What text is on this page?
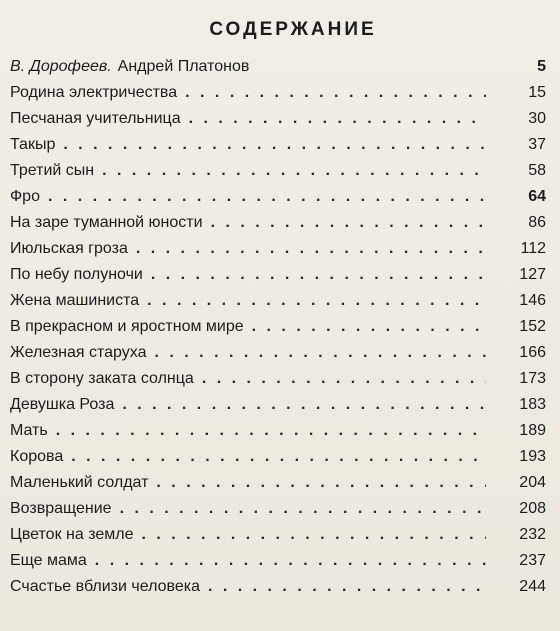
СОДЕРЖАНИЕ
В. Дорофеев. Андрей Платонов	5
Родина электричества . . .	15
Песчаная учительница . . .	30
Такыр . . .	37
Третий сын . . .	58
Фро . . .	64
На заре туманной юности . . .	86
Июльская гроза . . .	112
По небу полуночи . . .	127
Жена машиниста . . .	146
В прекрасном и яростном мире . . .	152
Железная старуха . . .	166
В сторону заката солнца . . .	173
Девушка Роза . . .	183
Мать . . .	189
Корова . . .	193
Маленький солдат . . .	204
Возвращение . . .	208
Цветок на земле . . .	232
Еще мама . . .	237
Счастье вблизи человека . . .	244
